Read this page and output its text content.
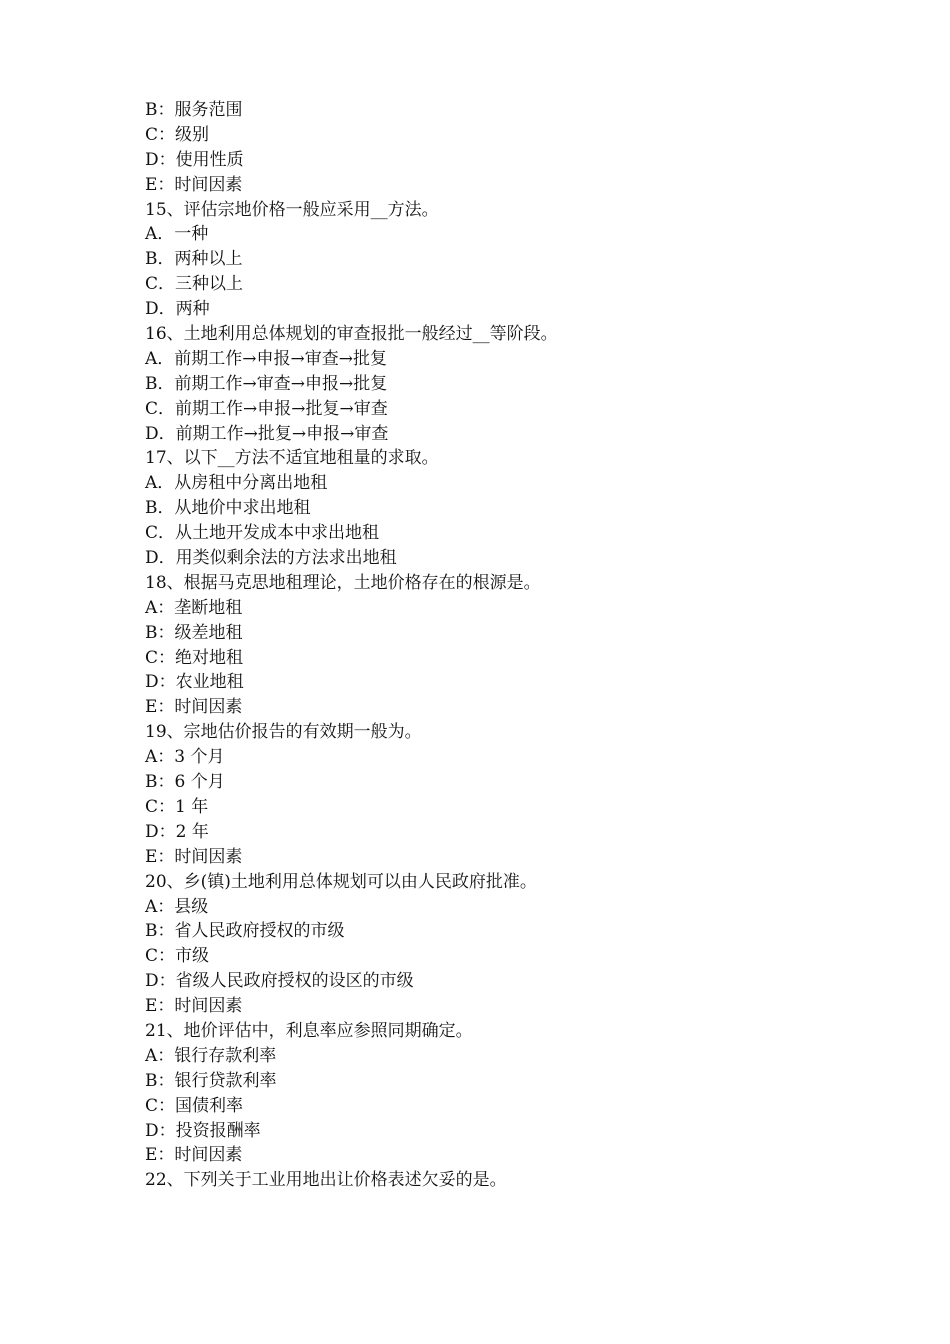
B：服务范围
C：级别
D：使用性质
E：时间因素
15、评估宗地价格一般应采用__方法。
A．一种
B．两种以上
C．三种以上
D．两种
16、土地利用总体规划的审查报批一般经过__等阶段。
A．前期工作→申报→审查→批复
B．前期工作→审查→申报→批复
C．前期工作→申报→批复→审查
D．前期工作→批复→申报→审查
17、以下__方法不适宜地租量的求取。
A．从房租中分离出地租
B．从地价中求出地租
C．从土地开发成本中求出地租
D．用类似剩余法的方法求出地租
18、根据马克思地租理论，土地价格存在的根源是。
A：垄断地租
B：级差地租
C：绝对地租
D：农业地租
E：时间因素
19、宗地估价报告的有效期一般为。
A：3 个月
B：6 个月
C：1 年
D：2 年
E：时间因素
20、乡(镇)土地利用总体规划可以由人民政府批准。
A：县级
B：省人民政府授权的市级
C：市级
D：省级人民政府授权的设区的市级
E：时间因素
21、地价评估中，利息率应参照同期确定。
A：银行存款利率
B：银行贷款利率
C：国债利率
D：投资报酬率
E：时间因素
22、下列关于工业用地出让价格表述欠妥的是。
